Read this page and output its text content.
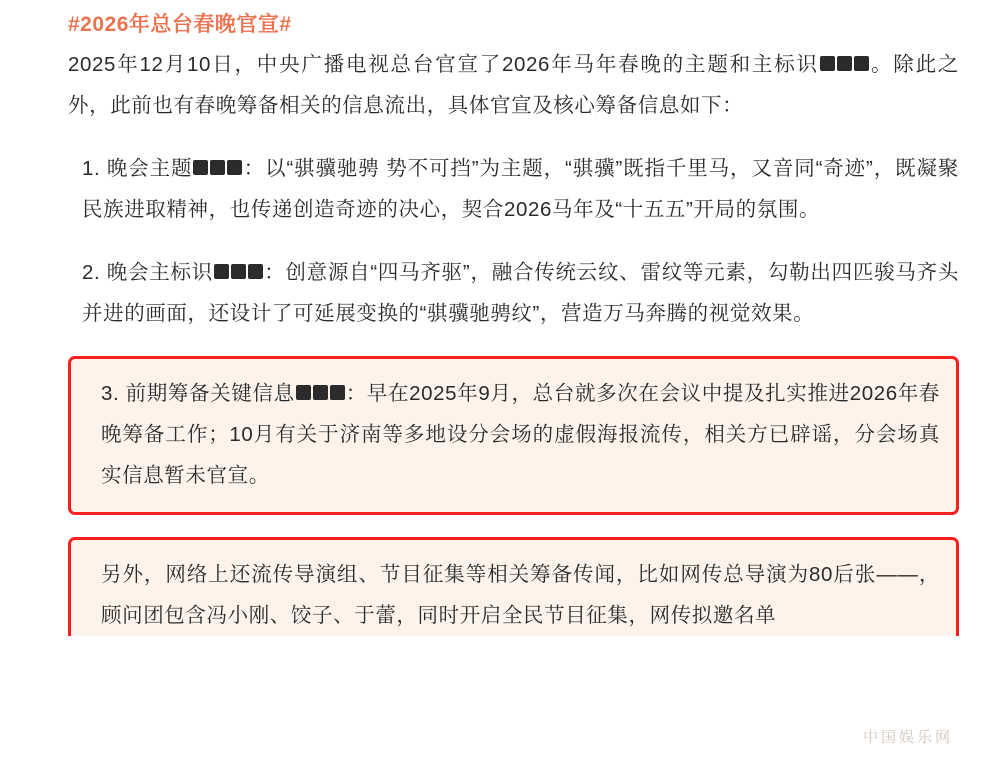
#2026年总台春晚官宣#

2025年12月10日，中央广播电视总台官宣了2026年马年春晚的主题和主标识 。除此之外，此前也有春晚筹备相关的信息流出，具体官宣及核心筹备信息如下：

1. 晚会主题 ：以“骐骥驰骋 势不可挡”为主题，“骐骥”既指千里马，又音同“奇迹”，既凝聚民族进取精神，也传递创造奇迹的决心，契合2026马年及“十五五”开局的氛围。

2. 晚会主标识 ：创意源自“四马齐驱”，融合传统云纹、雷纹等元素，勾勒出四匹骏马齐头并进的画面，还设计了可延展变换的“骐骥驰骋纹”，营造万马奔腾的视觉效果。

3. 前期筹备关键信息 ：早在2025年9月，总台就多次在会议中提及扎实推进2026年春晚筹备工作；10月有关于济南等多地设分会场的虚假海报流传，相关方已辟谣，分会场真实信息暂未官宣。

另外，网络上还流传导演组、节目征集等相关筹备传闻，比如网传总导演为80后张——，顾问团包含冯小刚、饺子、于蕾，同时开启全民节目征集，网传拟邀名单

中国娱乐网
